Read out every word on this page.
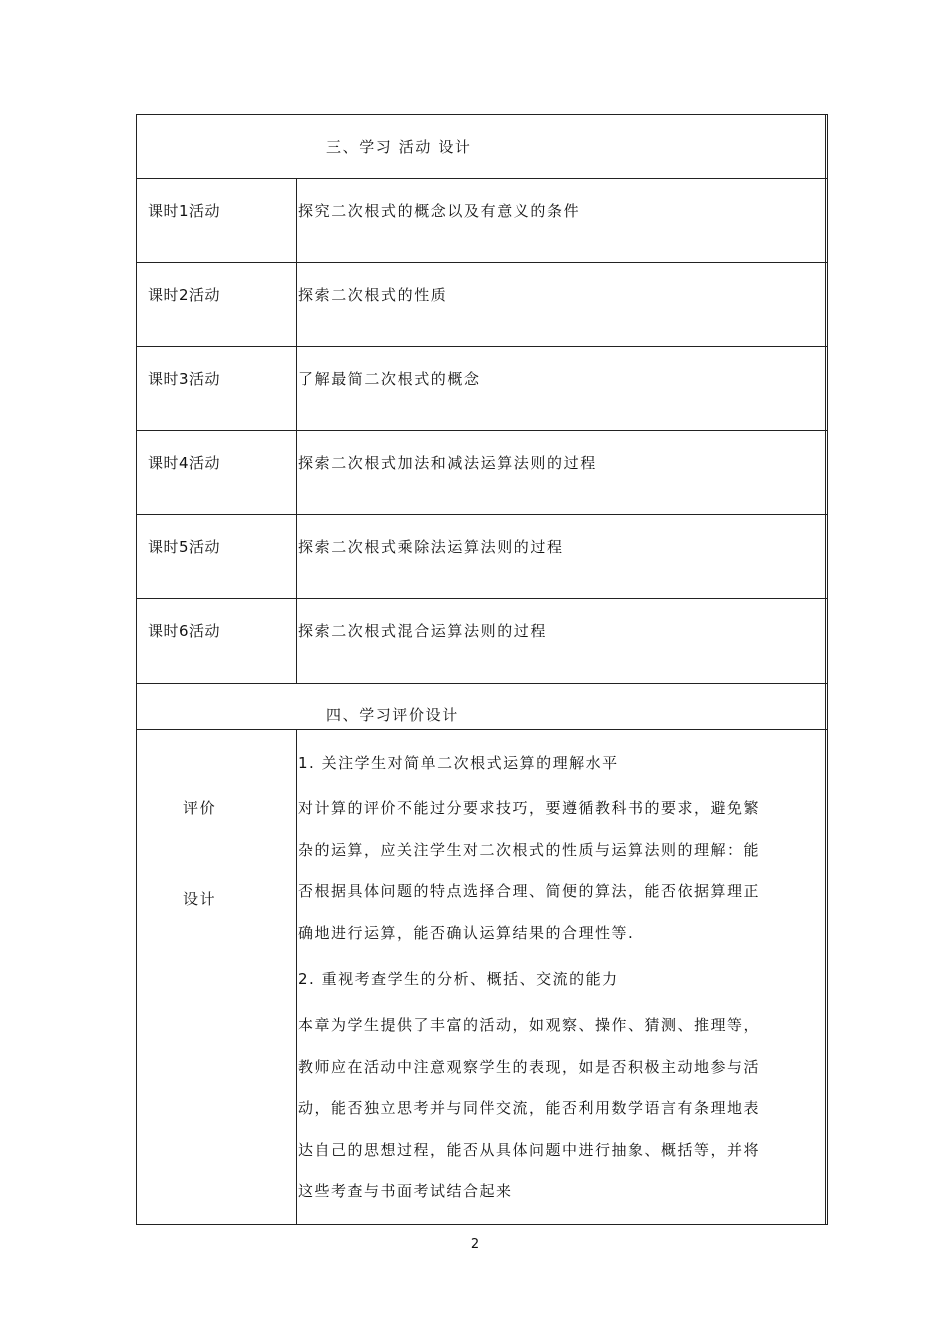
三、学习 活动 设计
课时1活动	探究二次根式的概念以及有意义的条件
课时2活动	探索二次根式的性质
课时3活动	了解最简二次根式的概念
课时4活动	探索二次根式加法和减法运算法则的过程
课时5活动	探索二次根式乘除法运算法则的过程
课时6活动	探索二次根式混合运算法则的过程
四、学习评价设计
评价
设计
1. 关注学生对简单二次根式运算的理解水平
对计算的评价不能过分要求技巧，要遵循教科书的要求，避免繁
杂的运算，应关注学生对二次根式的性质与运算法则的理解：能
否根据具体问题的特点选择合理、简便的算法，能否依据算理正
确地进行运算，能否确认运算结果的合理性等.
2. 重视考查学生的分析、概括、交流的能力
本章为学生提供了丰富的活动，如观察、操作、猜测、推理等，
教师应在活动中注意观察学生的表现，如是否积极主动地参与活
动，能否独立思考并与同伴交流，能否利用数学语言有条理地表
达自己的思想过程，能否从具体问题中进行抽象、概括等，并将
这些考查与书面考试结合起来
2
